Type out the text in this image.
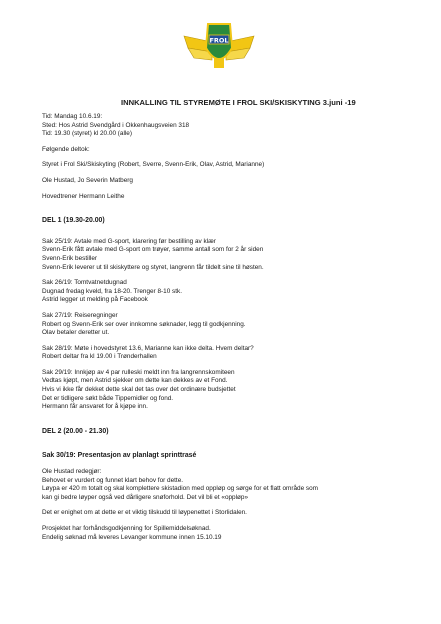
FROL
INNKALLING TIL STYREMØTE I FROL SKI/SKISKYTING 3.juni -19

Tid: Mandag 10.6.19:

Sted: Hos Astrid Svendgård i Okkenhaugsveien 318

Tid: 19.30 (styret) kl 20.00 (alle)

Følgende deltok:

Styret i Frol Ski/Skiskyting (Robert, Sverre, Svenn-Erik, Olav, Astrid, Marianne)

Ole Hustad, Jo Severin Matberg

Hovedtrener Hermann Leithe

DEL 1 (19.30-20.00)

Sak 25/19: Avtale med G-sport, klarering før bestilling av klær

Svenn-Erik fått avtale med G-sport om trøyer, samme antall som for 2 år siden

Svenn-Erik bestiller

Svenn-Erik leverer ut til skiskyttere og styret, langrenn får tildelt sine til høsten.

Sak 26/19: Tomtvatnetdugnad

Dugnad fredag kveld, fra 18-20. Trenger 8-10 stk.

Astrid legger ut melding på Facebook

Sak 27/19: Reiseregninger

Robert og Svenn-Erik ser over innkomne søknader, legg til godkjenning.

Olav betaler deretter ut.

Sak 28/19: Møte i hovedstyret 13.6, Marianne kan ikke delta. Hvem deltar?

Robert deltar fra kl 19.00 i Trønderhallen

Sak 29/19: Innkjøp av 4 par rulleski meldt inn fra langrennskomiteen

Vedtas kjøpt, men Astrid sjekker om dette kan dekkes av et Fond.

Hvis vi ikke får dekket dette skal det tas over det ordinære budsjettet

Det er tidligere søkt både Tippemidler og fond.

Hermann får ansvaret for å kjøpe inn.

DEL 2 (20.00 - 21.30)

Sak 30/19: Presentasjon av planlagt sprinttrasé

Ole Hustad redegjør:

Behovet er vurdert og funnet klart behov for dette.

Løypa er 420 m totalt og skal komplettere skistadion med oppløp og sørge for et flatt område som

kan gi bedre løyper også ved dårligere snøforhold. Det vil bli et «oppløp»

Det er enighet om at dette er et viktig tilskudd til løypenettet i Storlidalen.

Prosjektet har forhåndsgodkjenning for Spillemiddelsøknad.

Endelig søknad må leveres Levanger kommune innen 15.10.19
